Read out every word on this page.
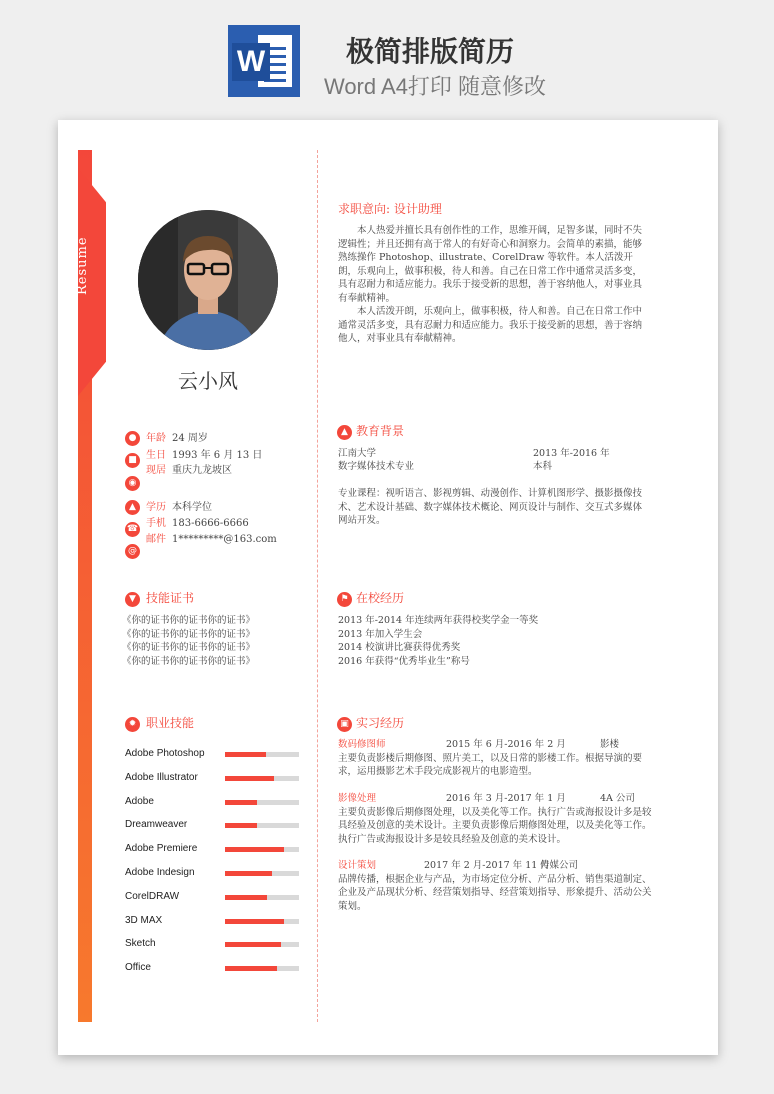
W	极简排版简历
Word A4打印 随意修改
Resume
云小风
● 年龄 24 周岁
■ 生日 1993 年 6 月 13 日
现居 重庆九龙坡区
◉
▲	学历 本科学位
☎ 手机 183-6666-6666
邮件 1*********@163.com
@
▼ 技能证书
《你的证书你的证书你的证书》
《你的证书你的证书你的证书》
《你的证书你的证书你的证书》
《你的证书你的证书你的证书》
✹ 职业技能
Adobe Photoshop
Adobe Illustrator
Adobe
Dreamweaver
Adobe Premiere
Adobe Indesign
CorelDRAW
3D MAX
Sketch
Office
求职意向: 设计助理

本人热爱并擅长具有创作性的工作，思维开阔，足智多谋，同时不失逻辑性；并且还拥有高于常人的有好奇心和洞察力。会简单的素描，能够熟练操作 Photoshop、illustrate、CorelDraw 等软件。本人活泼开朗，乐观向上，做事积极，待人和善。自己在日常工作中通常灵活多变，具有忍耐力和适应能力。我乐于接受新的思想，善于容纳他人，对事业具有奉献精神。

本人活泼开朗，乐观向上，做事积极，待人和善。自己在日常工作中通常灵活多变，具有忍耐力和适应能力。我乐于接受新的思想，善于容纳他人，对事业具有奉献精神。

▲ 教育背景
江南大学	2013 年-2016 年
数字媒体技术专业	本科
专业课程：视听语言、影视剪辑、动漫创作、计算机图形学、摄影摄像技术、艺术设计基础、数字媒体技术概论、网页设计与制作、交互式多媒体网站开发。
⚑ 在校经历
2013 年-2014 年连续两年获得校奖学金一等奖
2013 年加入学生会
2014 校演讲比赛获得优秀奖
2016 年获得“优秀毕业生”称号
▣ 实习经历
数码修图师	2015 年 6 月-2016 年 2 月	影楼
主要负责影楼后期修图、照片美工，以及日常的影楼工作。根据导演的要求，运用摄影艺术手段完成影视片的电影造型。
影像处理	2016 年 3 月-2017 年 1 月	4A 公司
主要负责影像后期修图处理，以及美化等工作。执行广告或海报设计多是较具经验及创意的美术设计。主要负责影像后期修图处理，以及美化等工作。执行广告或海报设计多是较具经验及创意的美术设计。
设计策划	2017 年 2 月-2017 年 11 月
传媒公司
品牌传播，根据企业与产品，为市场定位分析、产品分析、销售渠道制定、企业及产品现状分析、经营策划指导、经营策划指导、形象提升、活动公关策划。
